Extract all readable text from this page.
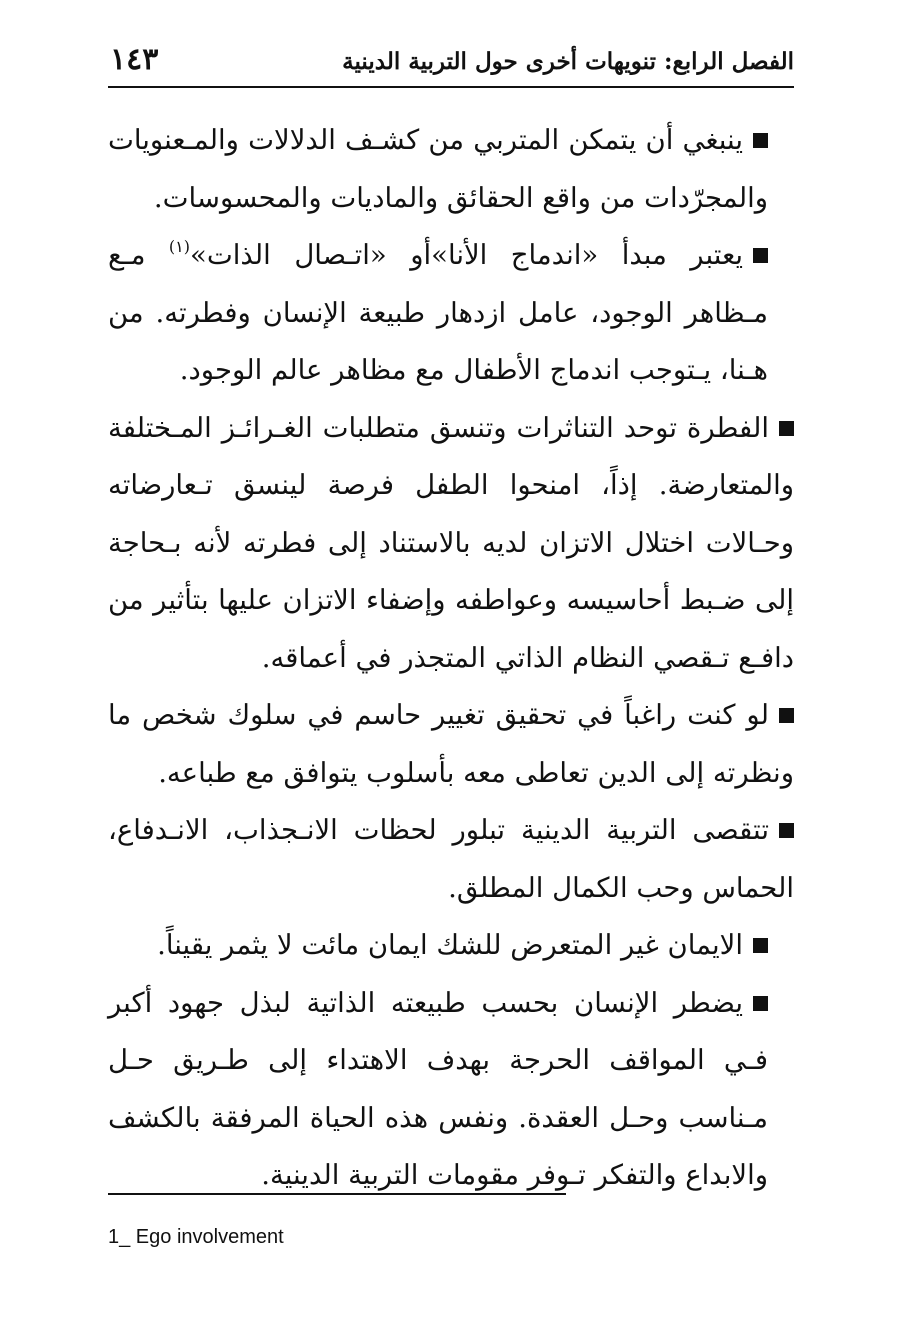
١٤٣	الفصل الرابع: تنويهات أخرى حول التربية الدينية

ينبغي أن يتمكن المتربي من كشـف الدلالات والمـعنويات والمجرّدات من واقع الحقائق والماديات والمحسوسات.

يعتبر مبدأ «اندماج الأنا»أو «اتـصال الذات»$^{(١)}$ مـع مـظاهر الوجود، عامل ازدهار طبيعة الإنسان وفطرته. من هـنا، يـتوجب اندماج الأطفال مع مظاهر عالم الوجود.

الفطرة توحد التناثرات وتنسق متطلبات الغـرائـز المـختلفة والمتعارضة. إذاً، امنحوا الطفل فرصة لينسق تـعارضاته وحـالات اختلال الاتزان لديه بالاستناد إلى فطرته لأنه بـحاجة إلى ضـبط أحاسيسه وعواطفه وإضفاء الاتزان عليها بتأثير من دافـع تـقصي النظام الذاتي المتجذر في أعماقه.

لو كنت راغباً في تحقيق تغيير حاسم في سلوك شخص ما ونظرته إلى الدين تعاطى معه بأسلوب يتوافق مع طباعه.

تتقصى التربية الدينية تبلور لحظات الانـجذاب، الانـدفاع، الحماس وحب الكمال المطلق.

الايمان غير المتعرض للشك ايمان مائت لا يثمر يقيناً.

يضطر الإنسان بحسب طبيعته الذاتية لبذل جهود أكبر فـي المواقف الحرجة بهدف الاهتداء إلى طـريق حـل مـناسب وحـل العقدة. ونفس هذه الحياة المرفقة بالكشف والابداع والتفكر تـوفر مقومات التربية الدينية.

1_ Ego involvement
